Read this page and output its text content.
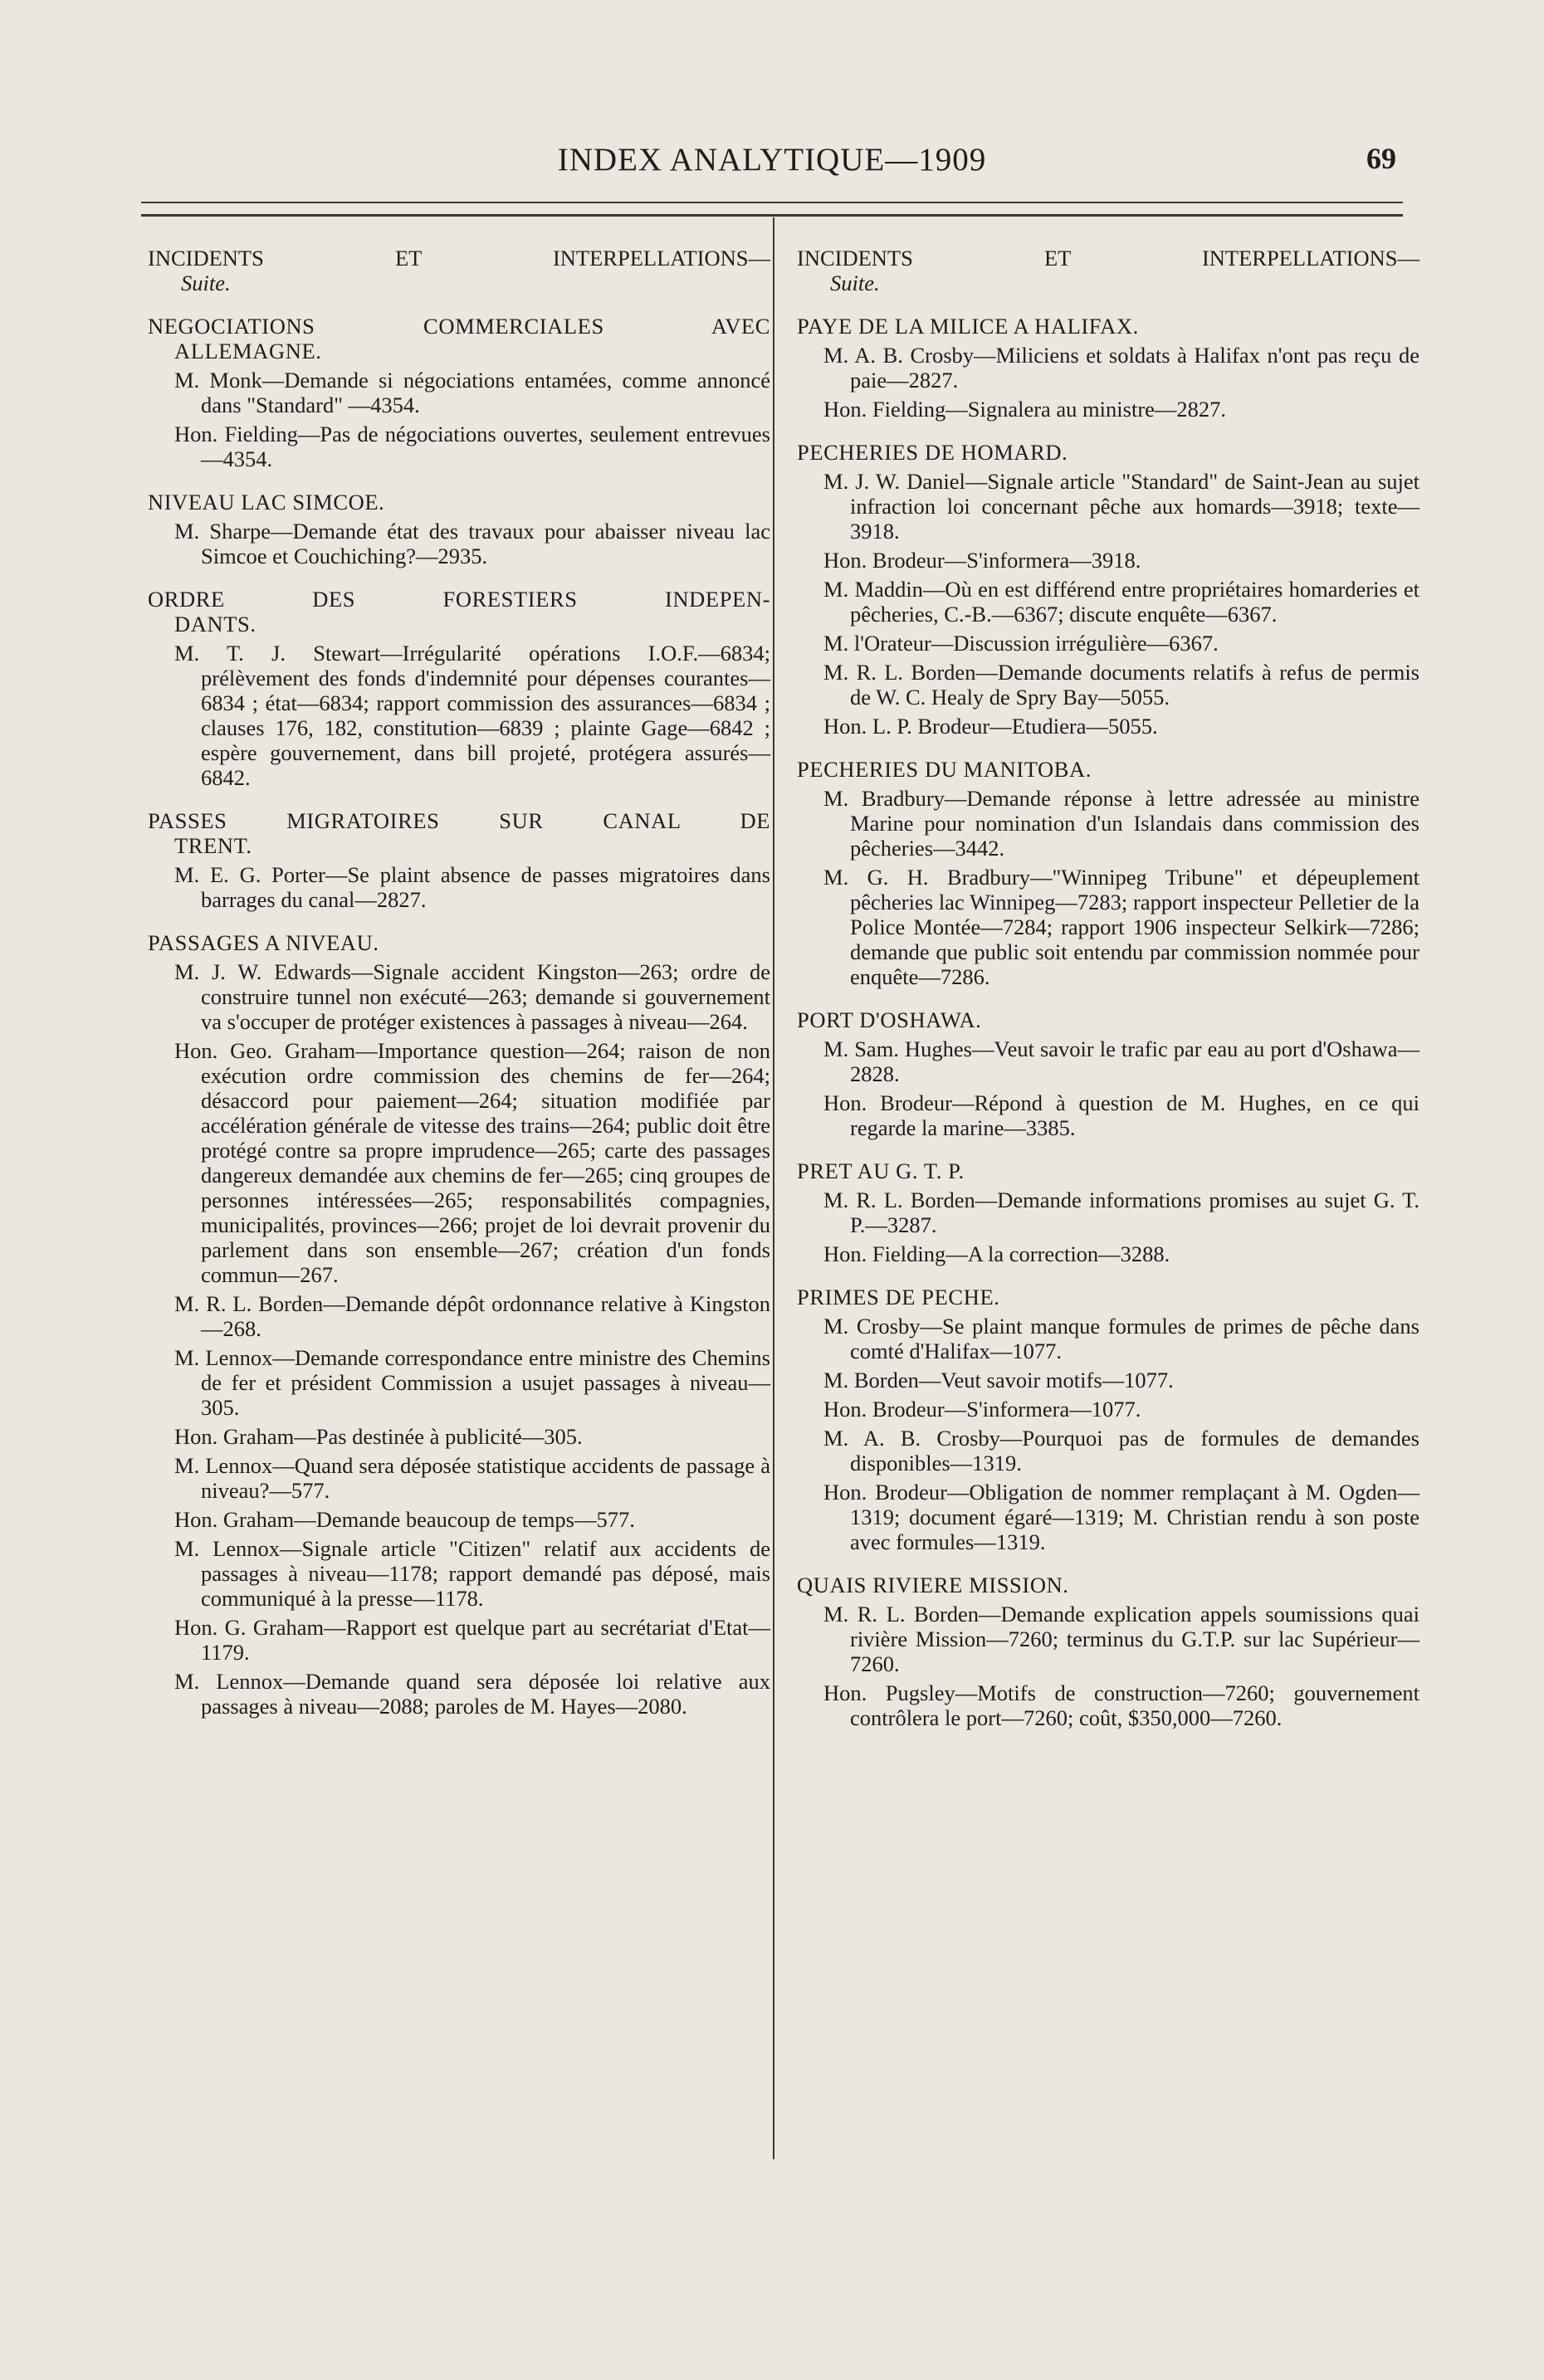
INDEX ANALYTIQUE—1909	69
INCIDENTS ET INTERPELLATIONS—
Suite.
NEGOCIATIONS COMMERCIALES AVEC
ALLEMAGNE.
M. Monk—Demande si négociations entamées, comme annoncé dans "Standard" —4354.
Hon. Fielding—Pas de négociations ouvertes, seulement entrevues—4354.
NIVEAU LAC SIMCOE.
M. Sharpe—Demande état des travaux pour abaisser niveau lac Simcoe et Couchiching?—2935.
ORDRE DES FORESTIERS INDEPEN-
DANTS.
M. T. J. Stewart—Irrégularité opérations I.O.F.—6834; prélèvement des fonds d'indemnité pour dépenses courantes—6834 ; état—6834; rapport commission des assurances—6834 ; clauses 176, 182, constitution—6839 ; plainte Gage—6842 ; espère gouvernement, dans bill projeté, protégera assurés—6842.
PASSES MIGRATOIRES SUR CANAL DE
TRENT.
M. E. G. Porter—Se plaint absence de passes migratoires dans barrages du canal—2827.
PASSAGES A NIVEAU.
M. J. W. Edwards—Signale accident Kingston—263; ordre de construire tunnel non exécuté—263; demande si gouvernement va s'occuper de protéger existences à passages à niveau—264.
Hon. Geo. Graham—Importance question—264; raison de non exécution ordre commission des chemins de fer—264; désaccord pour paiement—264; situation modifiée par accélération générale de vitesse des trains—264; public doit être protégé contre sa propre imprudence—265; carte des passages dangereux demandée aux chemins de fer—265; cinq groupes de personnes intéressées—265; responsabilités compagnies, municipalités, provinces—266; projet de loi devrait provenir du parlement dans son ensemble—267; création d'un fonds commun—267.
M. R. L. Borden—Demande dépôt ordonnance relative à Kingston—268.
M. Lennox—Demande correspondance entre ministre des Chemins de fer et président Commission a usujet passages à niveau—305.
Hon. Graham—Pas destinée à publicité—305.
M. Lennox—Quand sera déposée statistique accidents de passage à niveau?—577.
Hon. Graham—Demande beaucoup de temps—577.
M. Lennox—Signale article "Citizen" relatif aux accidents de passages à niveau—1178; rapport demandé pas déposé, mais communiqué à la presse—1178.
Hon. G. Graham—Rapport est quelque part au secrétariat d'Etat—1179.
M. Lennox—Demande quand sera déposée loi relative aux passages à niveau—2088; paroles de M. Hayes—2080.
INCIDENTS ET INTERPELLATIONS—
Suite.
PAYE DE LA MILICE A HALIFAX.
M. A. B. Crosby—Miliciens et soldats à Halifax n'ont pas reçu de paie—2827.
Hon. Fielding—Signalera au ministre—2827.
PECHERIES DE HOMARD.
M. J. W. Daniel—Signale article "Standard" de Saint-Jean au sujet infraction loi concernant pêche aux homards—3918; texte—3918.
Hon. Brodeur—S'informera—3918.
M. Maddin—Où en est différend entre propriétaires homarderies et pêcheries, C.-B.—6367; discute enquête—6367.
M. l'Orateur—Discussion irrégulière—6367.
M. R. L. Borden—Demande documents relatifs à refus de permis de W. C. Healy de Spry Bay—5055.
Hon. L. P. Brodeur—Etudiera—5055.
PECHERIES DU MANITOBA.
M. Bradbury—Demande réponse à lettre adressée au ministre Marine pour nomination d'un Islandais dans commission des pêcheries—3442.
M. G. H. Bradbury—"Winnipeg Tribune" et dépeuplement pêcheries lac Winnipeg—7283; rapport inspecteur Pelletier de la Police Montée—7284; rapport 1906 inspecteur Selkirk—7286; demande que public soit entendu par commission nommée pour enquête—7286.
PORT D'OSHAWA.
M. Sam. Hughes—Veut savoir le trafic par eau au port d'Oshawa—2828.
Hon. Brodeur—Répond à question de M. Hughes, en ce qui regarde la marine—3385.
PRET AU G. T. P.
M. R. L. Borden—Demande informations promises au sujet G. T. P.—3287.
Hon. Fielding—A la correction—3288.
PRIMES DE PECHE.
M. Crosby—Se plaint manque formules de primes de pêche dans comté d'Halifax—1077.
M. Borden—Veut savoir motifs—1077.
Hon. Brodeur—S'informera—1077.
M. A. B. Crosby—Pourquoi pas de formules de demandes disponibles—1319.
Hon. Brodeur—Obligation de nommer remplaçant à M. Ogden—1319; document égaré—1319; M. Christian rendu à son poste avec formules—1319.
QUAIS RIVIERE MISSION.
M. R. L. Borden—Demande explication appels soumissions quai rivière Mission—7260; terminus du G.T.P. sur lac Supérieur—7260.
Hon. Pugsley—Motifs de construction—7260; gouvernement contrôlera le port—7260; coût, $350,000—7260.
